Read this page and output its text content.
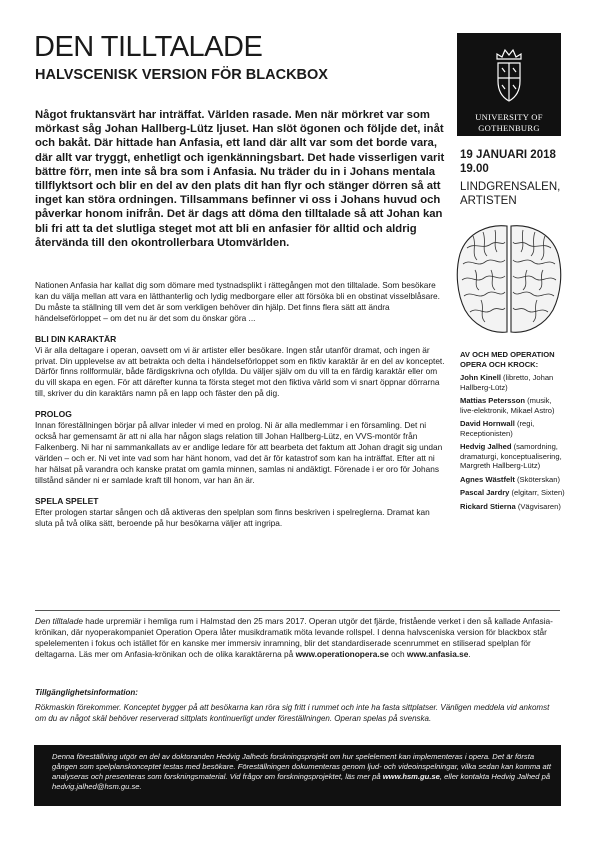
DEN TILLTALADE
HALVSCENISK VERSION FÖR BLACKBOX
UNIVERSITY OF
GOTHENBURG

Något fruktansvärt har inträffat. Världen rasade. Men när mörkret var som mörkast såg Johan Hallberg-Lütz ljuset. Han slöt ögonen och följde det, inåt och bakåt. Där hittade han Anfasia, ett land där allt var som det borde vara, där allt var tryggt, enhetligt och igenkänningsbart. Det hade visserligen varit bättre förr, men inte så bra som i Anfasia. Nu träder du in i Johans mentala tillflyktsort och blir en del av den plats dit han flyr och stänger dörren så att inget kan störa ordningen. Tillsammans befinner vi oss i Johans huvud och påverkar honom inifrån. Det är dags att döma den tilltalade så att Johan kan bli fri att ta det slutliga steget mot att bli en anfasier för alltid och aldrig återvända till den okontrollerbara Utomvärlden.

19 JANUARI 2018
19.00
LINDGRENSALEN,
ARTISTEN

Nationen Anfasia har kallat dig som dömare med tystnadsplikt i rättegången mot den tilltalade. Som besökare kan du välja mellan att vara en lätthanterlig och lydig medborgare eller att försöka bli en obstinat visselblåsare. Du måste ta ställning till vem det är som verkligen behöver din hjälp. Det finns flera sätt att ändra händelseförloppet – om det nu är det som du önskar göra ...

BLI DIN KARAKTÄR

Vi är alla deltagare i operan, oavsett om vi är artister eller besökare. Ingen står utanför dramat, och ingen är privat. Din upplevelse av att betrakta och delta i händelseförloppet som en fiktiv karaktär är en del av konceptet. Därför finns rollformulär, både färdigskrivna och ofyllda. Du väljer själv om du vill ta en färdig karaktär eller om du vill skapa en egen. För att därefter kunna ta första steget mot den fiktiva värld som vi snart öppnar dörrarna till, skriver du din karaktärs namn på en lapp och fäster den på dig.

PROLOG

Innan föreställningen börjar på allvar inleder vi med en prolog. Ni är alla medlemmar i en församling. Det ni också har gemensamt är att ni alla har någon slags relation till Johan Hallberg-Lütz, en VVS-montör från Falkenberg. Ni har ni sammankallats av er andlige ledare för att bearbeta det faktum att Johan dragit sig undan världen – och er. Ni vet inte vad som har hänt honom, vad det är för katastrof som kan ha inträffat. Efter att ni har hälsat på varandra och kanske pratat om gamla minnen, samlas ni andäktigt. Förenade i er oro för Johans tillstånd sänder ni er samlade kraft till honom, var han än är.

SPELA SPELET

Efter prologen startar sången och då aktiveras den spelplan som finns beskriven i spelreglerna. Dramat kan sluta på två olika sätt, beroende på hur besökarna väljer att ingripa.

AV OCH MED OPERATION OPERA OCH KROCK:

John Kinell (libretto, Johan Hallberg-Lütz)

Mattias Petersson (musik, live-elektronik, Mikael Astro)

David Hornwall (regi, Receptionisten)

Hedvig Jalhed (samordning, dramaturgi, konceptualisering, Margreth Hallberg-Lütz)

Agnes Wästfelt (Sköterskan)

Pascal Jardry (elgitarr, Sixten)

Rickard Stierna (Vägvisaren)

Den tilltalade hade urpremiär i hemliga rum i Halmstad den 25 mars 2017. Operan utgör det fjärde, fristående verket i den så kallade Anfasia-krönikan, där nyoperakompaniet Operation Opera låter musikdramatik möta levande rollspel. I denna halvsceniska version för blackbox står spelelementen i fokus och istället för en kanske mer immersiv inramning, blir det standardiserade scenrummet en stiliserad spelplan för deltagarna. Läs mer om Anfasia-krönikan och de olika karaktärerna på www.operationopera.se och www.anfasia.se.

Tillgänglighetsinformation:

Rökmaskin förekommer. Konceptet bygger på att besökarna kan röra sig fritt i rummet och inte ha fasta sittplatser. Vänligen meddela vid ankomst om du av något skäl behöver reserverad sittplats kontinuerligt under föreställningen. Operan spelas på svenska.

Denna föreställning utgör en del av doktoranden Hedvig Jalheds forskningsprojekt om hur spelelement kan implementeras i opera. Det är första gången som spelplanskonceptet testas med besökare. Föreställningen dokumenteras genom ljud- och videoinspelningar, vilka sedan kan komma att analyseras och presenteras som forskningsmaterial. Vid frågor om forskningsprojektet, läs mer på www.hsm.gu.se, eller kontakta Hedvig Jalhed på hedvig.jalhed@hsm.gu.se.
